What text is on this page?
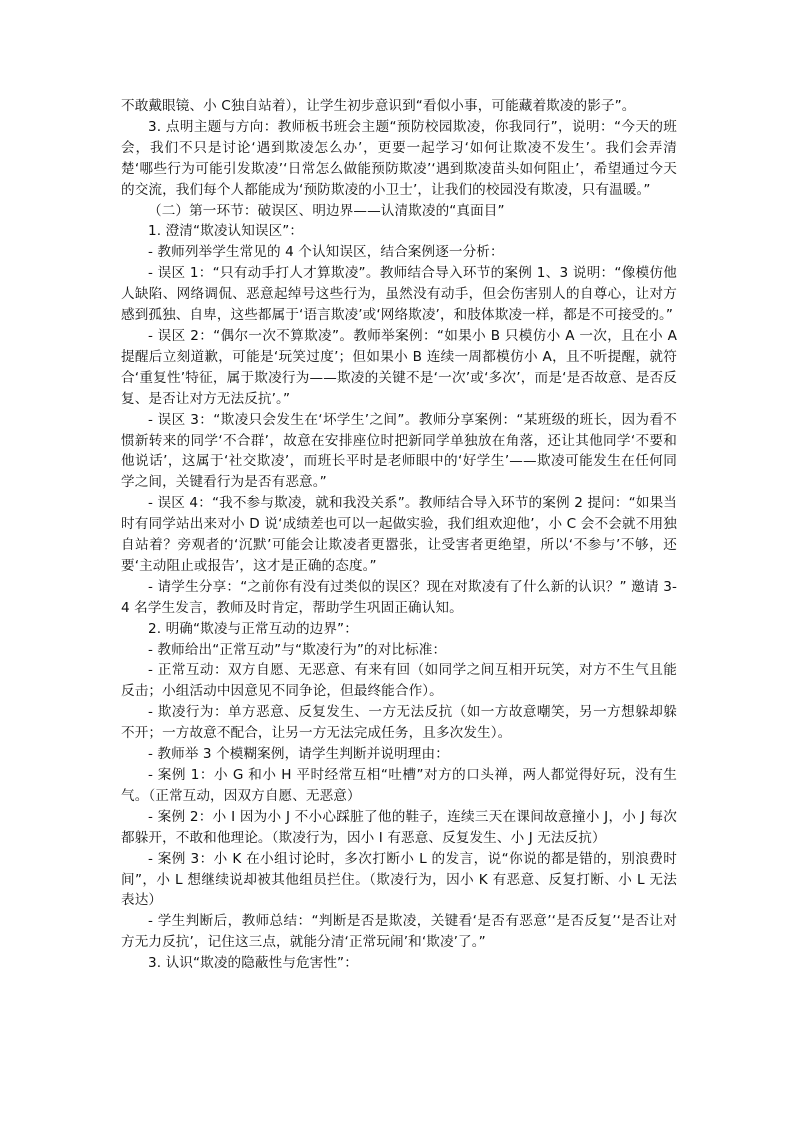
不敢戴眼镜、小 C独自站着），让学生初步意识到“看似小事，可能藏着欺凌的影子”。

3. 点明主题与方向：教师板书班会主题“预防校园欺凌，你我同行”，说明：“今天的班会，我们不只是讨论‘遇到欺凌怎么办’，更要一起学习‘如何让欺凌不发生’。我们会弄清楚‘哪些行为可能引发欺凌’‘日常怎么做能预防欺凌’‘遇到欺凌苗头如何阻止’，希望通过今天的交流，我们每个人都能成为‘预防欺凌的小卫士’，让我们的校园没有欺凌，只有温暖。”

（二）第一环节：破误区、明边界——认清欺凌的“真面目”

1. 澄清“欺凌认知误区”：

- 教师列举学生常见的 4 个认知误区，结合案例逐一分析：

- 误区 1：“只有动手打人才算欺凌”。教师结合导入环节的案例 1、3 说明：“像模仿他人缺陷、网络调侃、恶意起绰号这些行为，虽然没有动手，但会伤害别人的自尊心，让对方感到孤独、自卑，这些都属于‘语言欺凌’或‘网络欺凌’，和肢体欺凌一样，都是不可接受的。”

- 误区 2：“偶尔一次不算欺凌”。教师举案例：“如果小 B 只模仿小 A 一次，且在小 A 提醒后立刻道歉，可能是‘玩笑过度’；但如果小 B 连续一周都模仿小 A，且不听提醒，就符合‘重复性’特征，属于欺凌行为——欺凌的关键不是‘一次’或‘多次’，而是‘是否故意、是否反复、是否让对方无法反抗’。”

- 误区 3：“欺凌只会发生在‘坏学生’之间”。教师分享案例：“某班级的班长，因为看不惯新转来的同学‘不合群’，故意在安排座位时把新同学单独放在角落，还让其他同学‘不要和他说话’，这属于‘社交欺凌’，而班长平时是老师眼中的‘好学生’——欺凌可能发生在任何同学之间，关键看行为是否有恶意。”

- 误区 4：“我不参与欺凌，就和我没关系”。教师结合导入环节的案例 2 提问：“如果当时有同学站出来对小 D 说‘成绩差也可以一起做实验，我们组欢迎他’，小 C 会不会就不用独自站着？旁观者的‘沉默’可能会让欺凌者更嚣张，让受害者更绝望，所以‘不参与’不够，还要‘主动阻止或报告’，这才是正确的态度。”

- 请学生分享：“之前你有没有过类似的误区？现在对欺凌有了什么新的认识？” 邀请 3-4 名学生发言，教师及时肯定，帮助学生巩固正确认知。

2. 明确“欺凌与正常互动的边界”：

- 教师给出“正常互动”与“欺凌行为”的对比标准：

- 正常互动：双方自愿、无恶意、有来有回（如同学之间互相开玩笑，对方不生气且能反击；小组活动中因意见不同争论，但最终能合作）。

- 欺凌行为：单方恶意、反复发生、一方无法反抗（如一方故意嘲笑，另一方想躲却躲不开；一方故意不配合，让另一方无法完成任务，且多次发生）。

- 教师举 3 个模糊案例，请学生判断并说明理由：

- 案例 1：小 G 和小 H 平时经常互相“吐槽”对方的口头禅，两人都觉得好玩，没有生气。（正常互动，因双方自愿、无恶意）

- 案例 2：小 I 因为小 J 不小心踩脏了他的鞋子，连续三天在课间故意撞小 J，小 J 每次都躲开，不敢和他理论。（欺凌行为，因小 I 有恶意、反复发生、小 J 无法反抗）

- 案例 3：小 K 在小组讨论时，多次打断小 L 的发言，说“你说的都是错的，别浪费时间”，小 L 想继续说却被其他组员拦住。（欺凌行为，因小 K 有恶意、反复打断、小 L 无法表达）

- 学生判断后，教师总结：“判断是否是欺凌，关键看‘是否有恶意’‘是否反复’‘是否让对方无力反抗’，记住这三点，就能分清‘正常玩闹’和‘欺凌’了。”

3. 认识“欺凌的隐蔽性与危害性”：
